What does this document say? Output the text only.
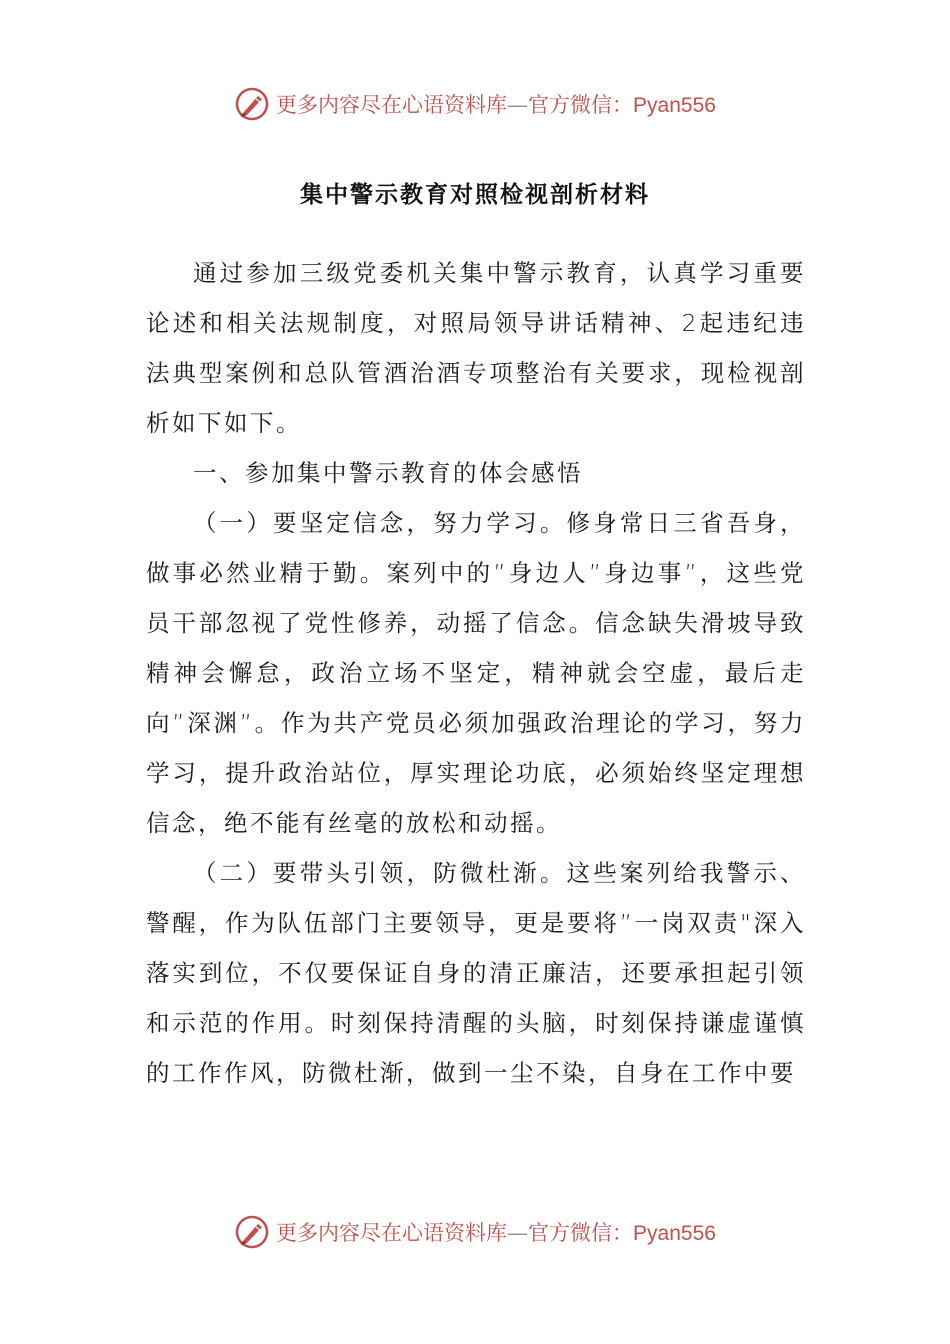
更多内容尽在心语资料库—官方微信：Pyan556
集中警示教育对照检视剖析材料

通过参加三级党委机关集中警示教育，认真学习重要论述和相关法规制度，对照局领导讲话精神、2起违纪违法典型案例和总队管酒治酒专项整治有关要求，现检视剖析如下如下。

一、参加集中警示教育的体会感悟

（一）要坚定信念，努力学习。修身常日三省吾身，做事必然业精于勤。案列中的”身边人”身边事”，这些党员干部忽视了党性修养，动摇了信念。信念缺失滑坡导致精神会懈怠，政治立场不坚定，精神就会空虚，最后走向”深渊”。作为共产党员必须加强政治理论的学习，努力学习，提升政治站位，厚实理论功底，必须始终坚定理想信念，绝不能有丝毫的放松和动摇。

（二）要带头引领，防微杜渐。这些案列给我警示、警醒，作为队伍部门主要领导，更是要将”一岗双责"深入落实到位，不仅要保证自身的清正廉洁，还要承担起引领和示范的作用。时刻保持清醒的头脑，时刻保持谦虚谨慎的工作作风，防微杜渐，做到一尘不染，自身在工作中要

更多内容尽在心语资料库—官方微信：Pyan556
